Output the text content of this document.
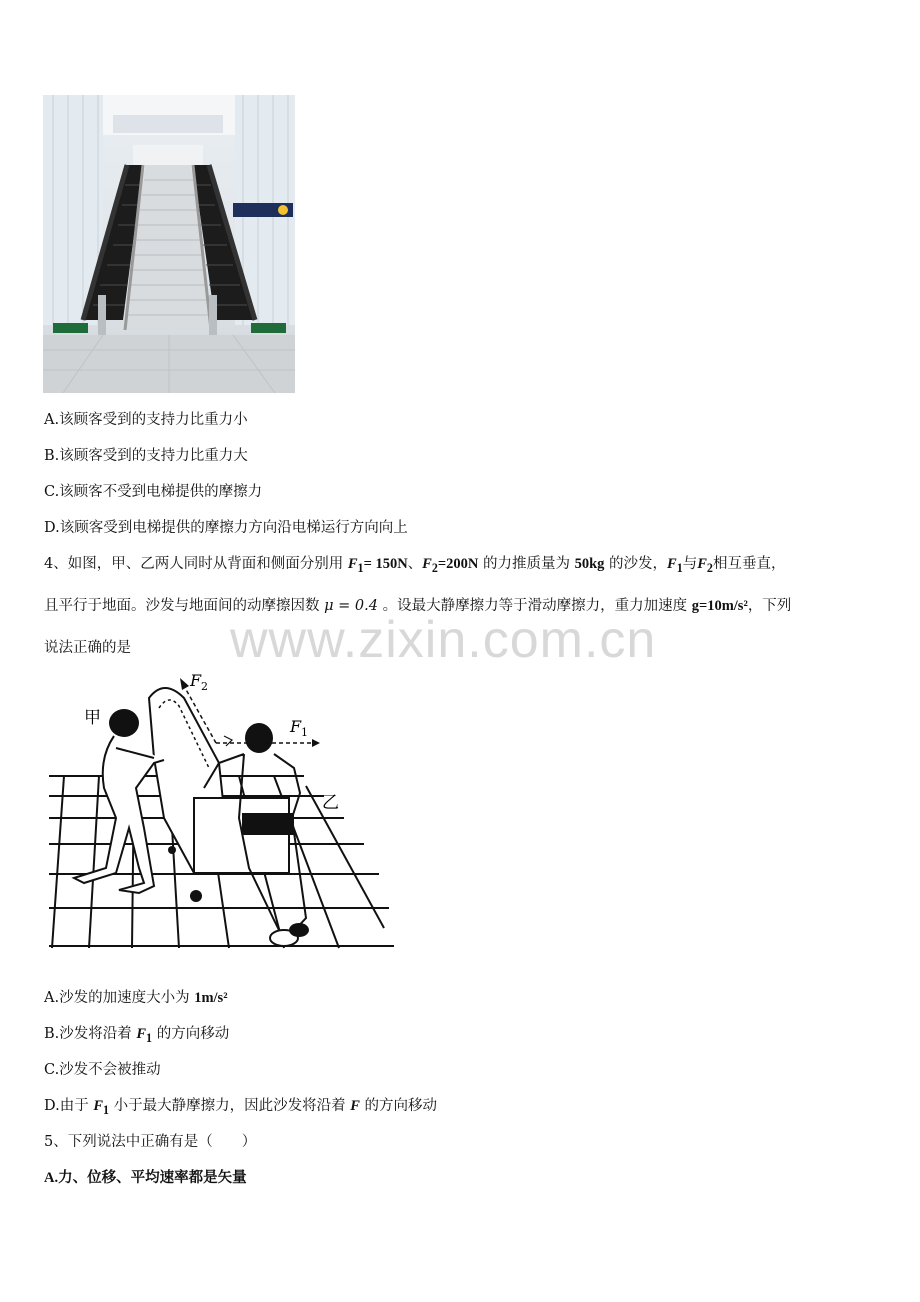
A.该顾客受到的支持力比重力小
B.该顾客受到的支持力比重力大
C.该顾客不受到电梯提供的摩擦力
D.该顾客受到电梯提供的摩擦力方向沿电梯运行方向向上
4、如图，甲、乙两人同时从背面和侧面分别用 $F_1= 150N$、$F_2=200N$ 的力推质量为 50kg 的沙发，$F_1$与$F_2$相互垂直，
且平行于地面。沙发与地面间的动摩擦因数 μ = 0.4 。设最大静摩擦力等于滑动摩擦力，重力加速度 g=10m/s²，下列
说法正确的是 www.zixin.com.cn
甲
乙
F 1
F 2
A.沙发的加速度大小为 1m/s²
B.沙发将沿着 $F_1$ 的方向移动
C.沙发不会被推动
D.由于 $F_1$ 小于最大静摩擦力，因此沙发将沿着 F 的方向移动
5、下列说法中正确有是（　　）
A.力、位移、平均速率都是矢量
